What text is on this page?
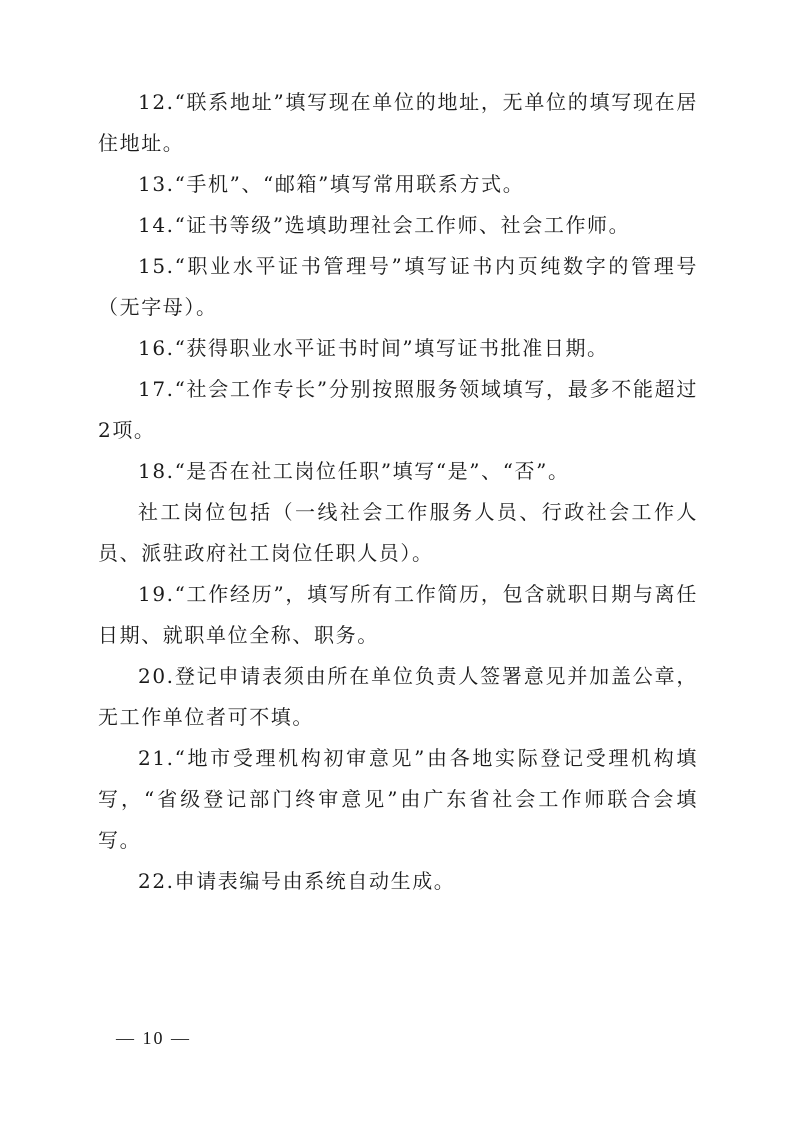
12.“联系地址”填写现在单位的地址，无单位的填写现在居住地址。

13.“手机”、“邮箱”填写常用联系方式。

14.“证书等级”选填助理社会工作师、社会工作师。

15.“职业水平证书管理号”填写证书内页纯数字的管理号（无字母）。

16.“获得职业水平证书时间”填写证书批准日期。

17.“社会工作专长”分别按照服务领域填写，最多不能超过2项。

18.“是否在社工岗位任职”填写“是”、“否”。

社工岗位包括（一线社会工作服务人员、行政社会工作人员、派驻政府社工岗位任职人员）。

19.“工作经历”，填写所有工作简历，包含就职日期与离任日期、就职单位全称、职务。

20.登记申请表须由所在单位负责人签署意见并加盖公章，无工作单位者可不填。

21.“地市受理机构初审意见”由各地实际登记受理机构填写，“省级登记部门终审意见”由广东省社会工作师联合会填写。

22.申请表编号由系统自动生成。

— 10 —
